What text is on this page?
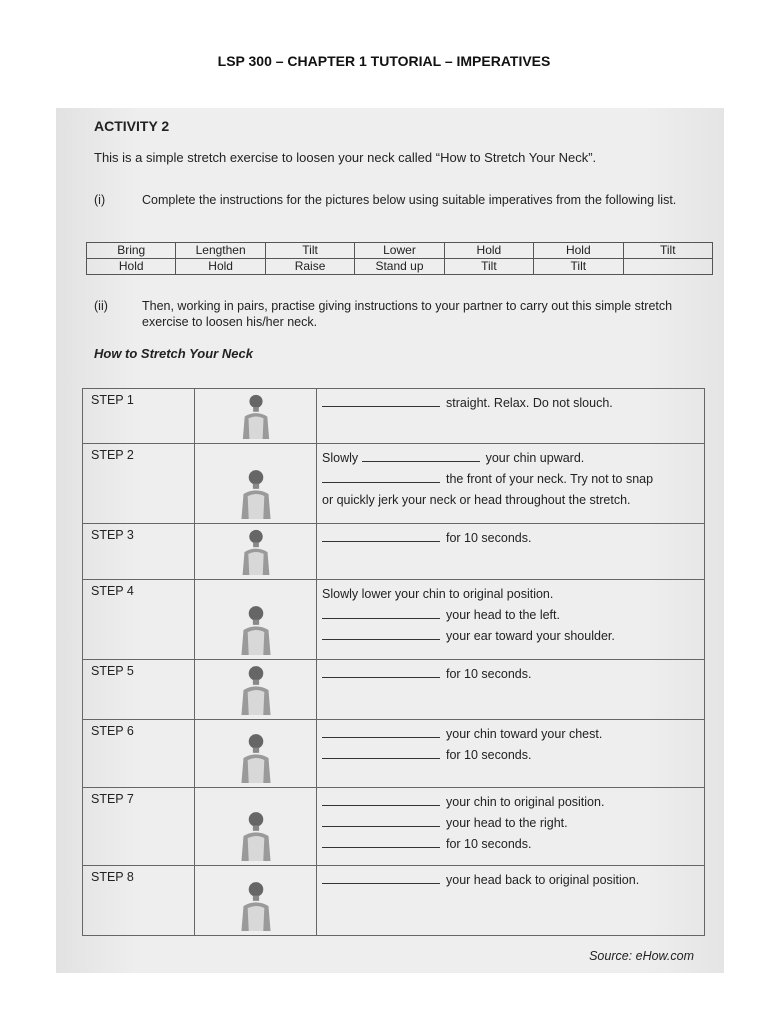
LSP 300 – CHAPTER 1 TUTORIAL – IMPERATIVES
ACTIVITY 2
This is a simple stretch exercise to loosen your neck called “How to Stretch Your Neck”.
(i)	Complete the instructions for the pictures below using suitable imperatives from the following list.
Bring	Lengthen	Tilt	Lower	Hold	Hold	Tilt
Hold	Hold	Raise	Stand up	Tilt	Tilt	
(ii)	Then, working in pairs, practise giving instructions to your partner to carry out this simple stretch exercise to loosen his/her neck.
How to Stretch Your Neck
STEP 1		straight. Relax. Do not slouch.

STEP 2		Slowly your chin upward.
the front of your neck. Try not to snap
or quickly jerk your neck or head throughout the stretch.

STEP 3		for 10 seconds.

STEP 4		Slowly lower your chin to original position.
your head to the left.
your ear toward your shoulder.

STEP 5		for 10 seconds.

STEP 6		your chin toward your chest.
for 10 seconds.

STEP 7		your chin to original position.
your head to the right.
for 10 seconds.

STEP 8		your head back to original position.
Source: eHow.com
